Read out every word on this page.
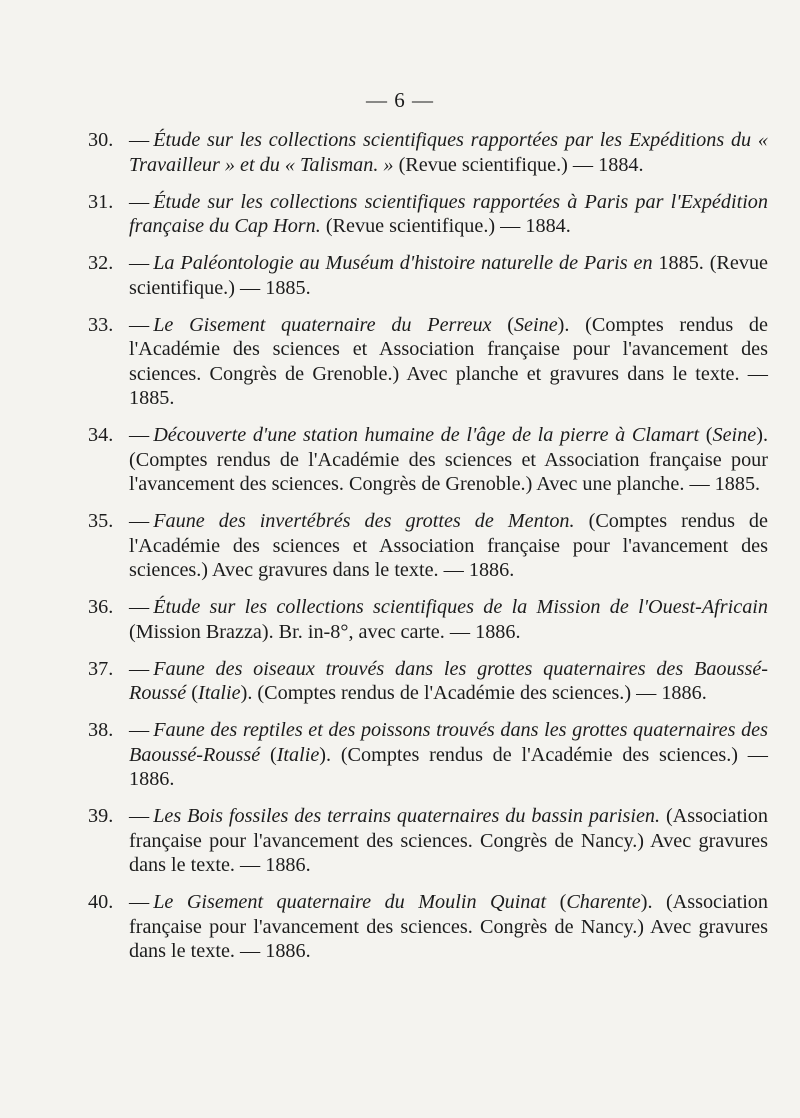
— 6 —
30. — Étude sur les collections scientifiques rapportées par les Expéditions du « Travailleur » et du « Talisman. » (Revue scientifique.) — 1884.
31. — Étude sur les collections scientifiques rapportées à Paris par l'Expédition française du Cap Horn. (Revue scientifique.) — 1884.
32. — La Paléontologie au Muséum d'histoire naturelle de Paris en 1885. (Revue scientifique.) — 1885.
33. — Le Gisement quaternaire du Perreux (Seine). (Comptes rendus de l'Académie des sciences et Association française pour l'avancement des sciences. Congrès de Grenoble.) Avec planche et gravures dans le texte. — 1885.
34. — Découverte d'une station humaine de l'âge de la pierre à Clamart (Seine). (Comptes rendus de l'Académie des sciences et Association française pour l'avancement des sciences. Congrès de Grenoble.) Avec une planche. — 1885.
35. — Faune des invertébrés des grottes de Menton. (Comptes rendus de l'Académie des sciences et Association française pour l'avancement des sciences.) Avec gravures dans le texte. — 1886.
36. — Étude sur les collections scientifiques de la Mission de l'Ouest-Africain (Mission Brazza). Br. in-8°, avec carte. — 1886.
37. — Faune des oiseaux trouvés dans les grottes quaternaires des Baoussé-Roussé (Italie). (Comptes rendus de l'Académie des sciences.) — 1886.
38. — Faune des reptiles et des poissons trouvés dans les grottes quaternaires des Baoussé-Roussé (Italie). (Comptes rendus de l'Académie des sciences.) — 1886.
39. — Les Bois fossiles des terrains quaternaires du bassin parisien. (Association française pour l'avancement des sciences. Congrès de Nancy.) Avec gravures dans le texte. — 1886.
40. — Le Gisement quaternaire du Moulin Quinat (Charente). (Association française pour l'avancement des sciences. Congrès de Nancy.) Avec gravures dans le texte. — 1886.
